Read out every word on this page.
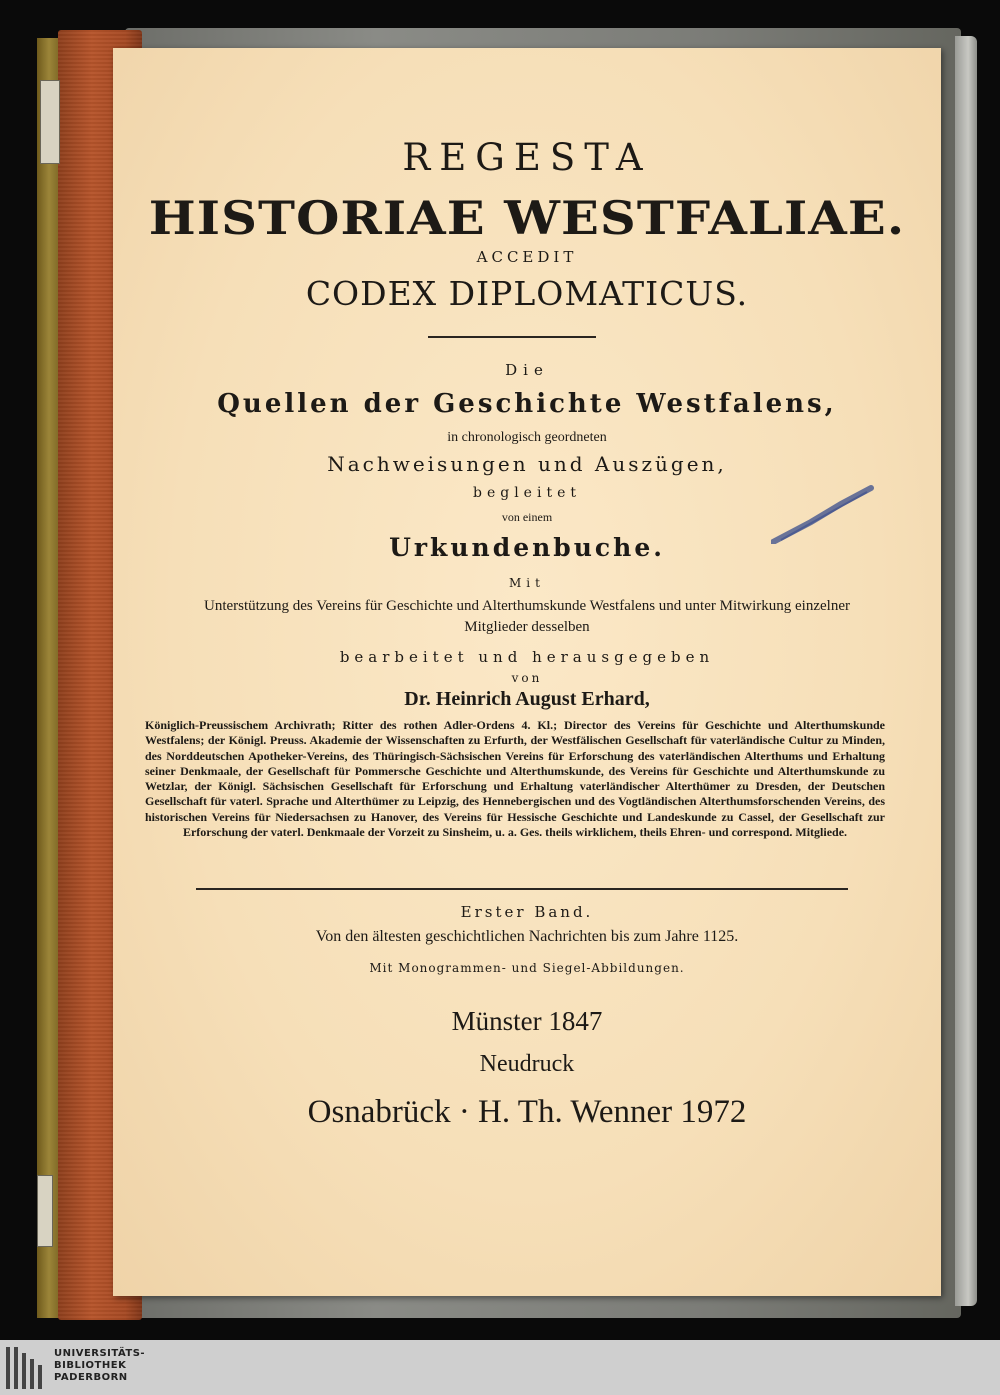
REGESTA
HISTORIAE WESTFALIAE.
ACCEDIT
CODEX DIPLOMATICUS.
Die
Quellen der Geschichte Westfalens,
in chronologisch geordneten
Nachweisungen und Auszügen,
begleitet
von einem
Urkundenbuche.
Mit
Unterstützung des Vereins für Geschichte und Alterthumskunde Westfalens und unter Mitwirkung einzelner
Mitglieder desselben
bearbeitet und herausgegeben
von
Dr. Heinrich August Erhard,
Königlich-Preussischem Archivrath; Ritter des rothen Adler-Ordens 4. Kl.; Director des Vereins für Geschichte und Alterthumskunde Westfalens; der Königl. Preuss. Akademie der Wissenschaften zu Erfurth, der Westfälischen Gesellschaft für vaterländische Cultur zu Minden, des Norddeutschen Apotheker-Vereins, des Thüringisch-Sächsischen Vereins für Erforschung des vaterländischen Alterthums und Erhaltung seiner Denkmaale, der Gesellschaft für Pommersche Geschichte und Alterthumskunde, des Vereins für Geschichte und Alterthumskunde zu Wetzlar, der Königl. Sächsischen Gesellschaft für Erforschung und Erhaltung vaterländischer Alterthümer zu Dresden, der Deutschen Gesellschaft für vaterl. Sprache und Alterthümer zu Leipzig, des Hennebergischen und des Vogtländischen Alterthumsforschenden Vereins, des historischen Vereins für Niedersachsen zu Hanover, des Vereins für Hessische Geschichte und Landeskunde zu Cassel, der Gesellschaft zur Erforschung der vaterl. Denkmaale der Vorzeit zu Sinsheim, u. a. Ges. theils wirklichem, theils Ehren- und correspond. Mitgliede.
Erster Band.
Von den ältesten geschichtlichen Nachrichten bis zum Jahre 1125.
Mit Monogrammen- und Siegel-Abbildungen.
Münster 1847
Neudruck
Osnabrück · H. Th. Wenner 1972
UNIVERSITÄTS-
BIBLIOTHEK
PADERBORN
